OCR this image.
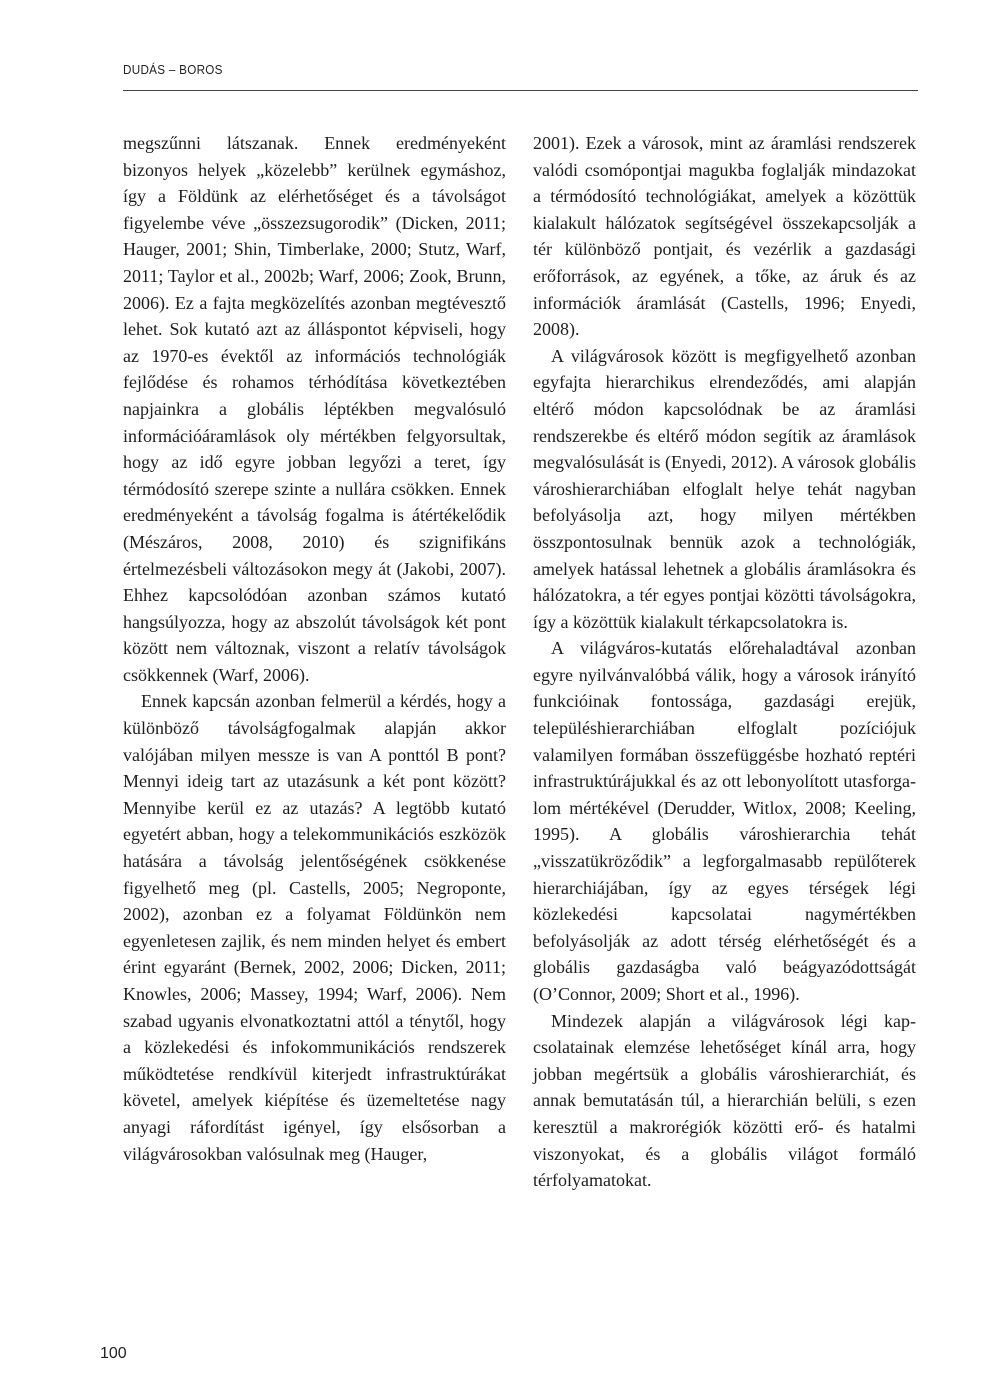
DUDÁS – BOROS

megszűnni látszanak. Ennek eredményeként bizonyos helyek „közelebb” kerülnek egymáshoz, így a Földünk az elérhetőséget és a távolságot figyelembe véve „összezsugorodik” (Dicken, 2011; Hauger, 2001; Shin, Timberlake, 2000; Stutz, Warf, 2011; Taylor et al., 2002b; Warf, 2006; Zook, Brunn, 2006). Ez a fajta megközelítés azonban megtévesztő lehet. Sok kutató azt az álláspontot képviseli, hogy az 1970-es évektől az információs technológiák fejlődése és rohamos térhódítása következtében napjainkra a globális léptékben megvalósuló információáramlások oly mértékben felgyorsultak, hogy az idő egyre jobban legyőzi a teret, így térmódosító szerepe szinte a nullára csökken. Ennek eredményeként a távolság fogalma is átértékelődik (Mészáros, 2008, 2010) és szignifikáns értelmezésbeli változásokon megy át (Jakobi, 2007). Ehhez kapcsolódóan azonban számos kutató hangsúlyozza, hogy az abszolút távolságok két pont között nem változnak, viszont a relatív távolságok csökkennek (Warf, 2006).

Ennek kapcsán azonban felmerül a kérdés, hogy a különböző távolságfogalmak alapján akkor valójában milyen messze is van A ponttól B pont? Mennyi ideig tart az utazásunk a két pont között? Mennyibe kerül ez az utazás? A legtöbb kutató egyetért abban, hogy a telekommunikációs eszközök hatására a távolság jelentőségének csökkenése figyelhető meg (pl. Castells, 2005; Negroponte, 2002), azonban ez a folyamat Földünkön nem egyenletesen zajlik, és nem minden helyet és embert érint egyaránt (Bernek, 2002, 2006; Dicken, 2011; Knowles, 2006; Massey, 1994; Warf, 2006). Nem szabad ugyanis elvonatkoztatni attól a ténytől, hogy a közlekedési és infokommunikációs rendszerek működtetése rendkívül kiterjedt infrastruktúrákat követel, amelyek kiépítése és üzemeltetése nagy anyagi ráfordítást igényel, így elsősorban a világvárosokban valósulnak meg (Hauger,

2001). Ezek a városok, mint az áramlási rendszerek valódi csomópontjai magukba foglalják mindazokat a térmódosító technológiákat, amelyek a közöttük kialakult hálózatok segítségével összekapcsolják a tér különböző pontjait, és vezérlik a gazdasági erőforrások, az egyének, a tőke, az áruk és az információk áramlását (Castells, 1996; Enyedi, 2008).

A világvárosok között is megfigyelhető azonban egyfajta hierarchikus elrendeződés, ami alapján eltérő módon kapcsolódnak be az áramlási rendszerekbe és eltérő módon segítik az áramlások megvalósulását is (Enyedi, 2012). A városok globális városhierarchiában elfoglalt helye tehát nagyban befolyásolja azt, hogy milyen mértékben összpontosulnak bennük azok a technológiák, amelyek hatással lehetnek a globális áramlásokra és hálózatokra, a tér egyes pontjai közötti távolságokra, így a közöttük kialakult térkapcsolatokra is.

A világváros-kutatás előrehaladtával azonban egyre nyilvánvalóbbá válik, hogy a városok irányító funkcióinak fontossága, gazdasági erejük, településhierarchiában elfoglalt pozíciójuk valamilyen formában összefüggésbe hozható reptéri infrastruktúrájukkal és az ott lebonyolított utasforgalom mértékével (Derudder, Witlox, 2008; Keeling, 1995). A globális városhierarchia tehát „visszatükröződik” a legforgalmasabb repülőterek hierarchiájában, így az egyes térségek légi közlekedési kapcsolatai nagymértékben befolyásolják az adott térség elérhetőségét és a globális gazdaságba való beágyazódottságát (O’Connor, 2009; Short et al., 1996).

Mindezek alapján a világvárosok légi kapcsolatainak elemzése lehetőséget kínál arra, hogy jobban megértsük a globális városhierarchiát, és annak bemutatásán túl, a hierarchián belüli, s ezen keresztül a makrorégiók közötti erő- és hatalmi viszonyokat, és a globális világot formáló térfolyamatokat.

100
